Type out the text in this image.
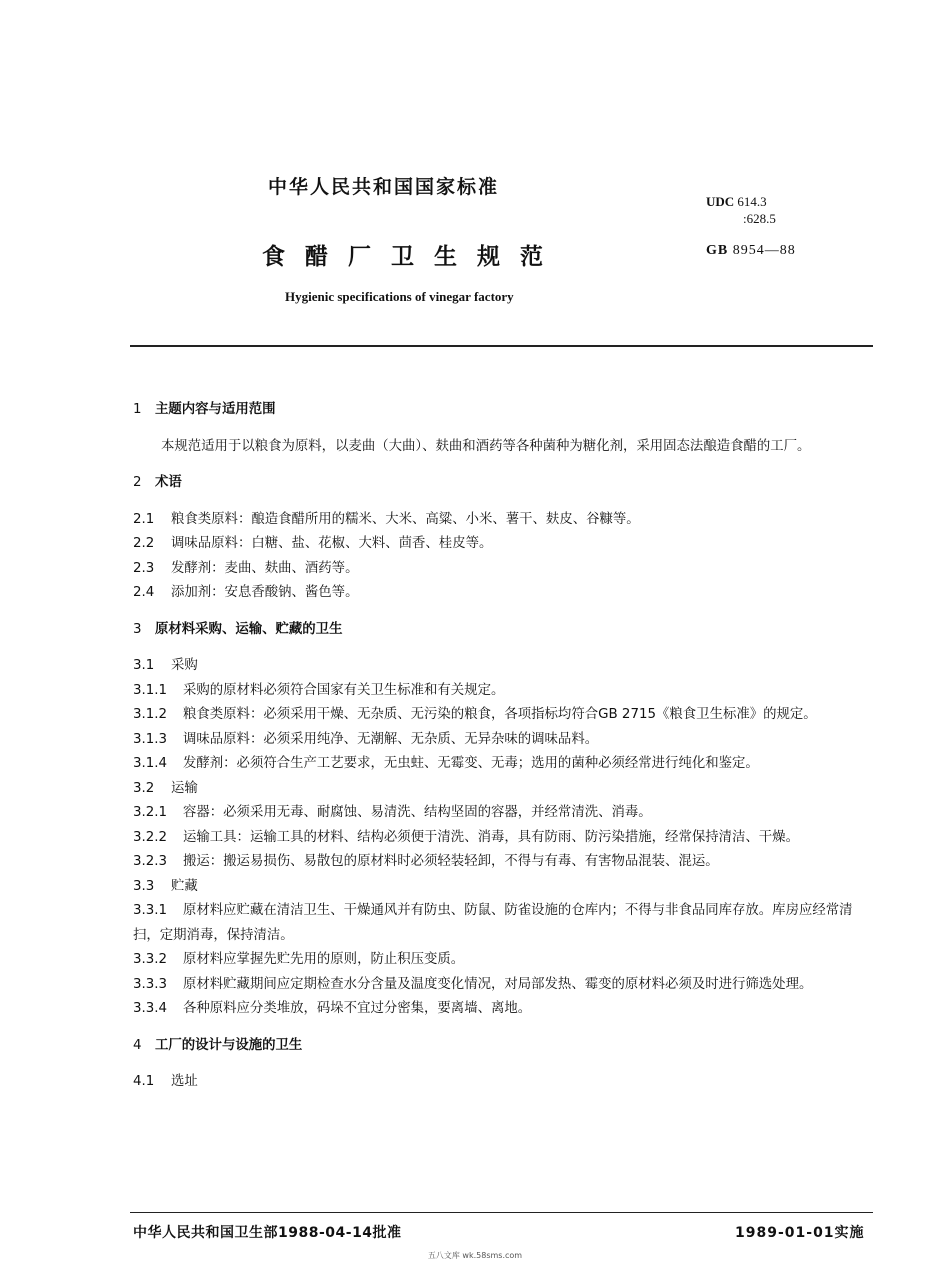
中华人民共和国国家标准
食醋厂卫生规范
Hygienic specifications of vinegar factory
UDC 614.3
:628.5
GB 8954—88

1 主题内容与适用范围

本规范适用于以粮食为原料，以麦曲（大曲）、麸曲和酒药等各种菌种为糖化剂，采用固态法酿造食醋的工厂。

2 术语

2.1 粮食类原料：酿造食醋所用的糯米、大米、高粱、小米、薯干、麸皮、谷糠等。

2.2 调味品原料：白糖、盐、花椒、大料、茴香、桂皮等。

2.3 发酵剂：麦曲、麸曲、酒药等。

2.4 添加剂：安息香酸钠、酱色等。

3 原材料采购、运输、贮藏的卫生

3.1 采购

3.1.1 采购的原材料必须符合国家有关卫生标准和有关规定。

3.1.2 粮食类原料：必须采用干燥、无杂质、无污染的粮食，各项指标均符合GB 2715《粮食卫生标准》的规定。

3.1.3 调味品原料：必须采用纯净、无潮解、无杂质、无异杂味的调味品料。

3.1.4 发酵剂：必须符合生产工艺要求，无虫蛀、无霉变、无毒；选用的菌种必须经常进行纯化和鉴定。

3.2 运输

3.2.1 容器：必须采用无毒、耐腐蚀、易清洗、结构坚固的容器，并经常清洗、消毒。

3.2.2 运输工具：运输工具的材料、结构必须便于清洗、消毒，具有防雨、防污染措施，经常保持清洁、干燥。

3.2.3 搬运：搬运易损伤、易散包的原材料时必须轻装轻卸，不得与有毒、有害物品混装、混运。

3.3 贮藏

3.3.1 原材料应贮藏在清洁卫生、干燥通风并有防虫、防鼠、防雀设施的仓库内；不得与非食品同库存放。库房应经常清扫，定期消毒，保持清洁。

3.3.2 原材料应掌握先贮先用的原则，防止积压变质。

3.3.3 原材料贮藏期间应定期检查水分含量及温度变化情况，对局部发热、霉变的原材料必须及时进行筛选处理。

3.3.4 各种原料应分类堆放，码垛不宜过分密集，要离墙、离地。

4 工厂的设计与设施的卫生

4.1 选址

中华人民共和国卫生部1988-04-14批准	1989-01-01实施
五八文库 wk.58sms.com
